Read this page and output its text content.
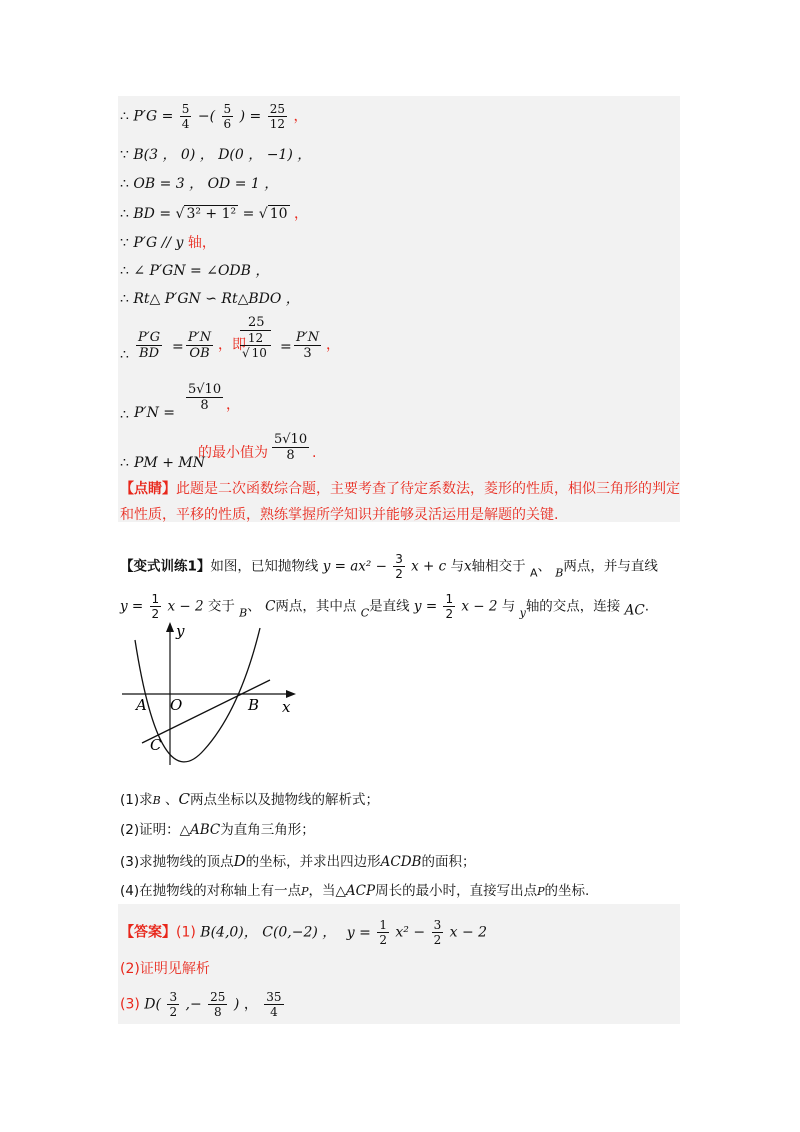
∴ $P'G = \frac{5}{4}$ −( $\frac{5}{6}$ ) = $\frac{25}{12}$ ，
∵ B(3 ， 0) ， D(0 ， −1) ，
∴ OB = 3 ， OD = 1 ，
∴ BD = √ 3² + 1² = √ 10 ，
∵ P′G // y 轴，
∴ ∠ P′GN = ∠ODB ，
∴ Rt△ P′GN ∽ Rt△BDO ，
∴ $\frac{P'G}{BD} = \frac{P'N}{OB}$ ，即
25
$\frac{12}{√ 10} = \frac{P'N}{3}$ ，
∴ $P'N = \frac{5√10}{8}$ ，
∴ PM + MN
的最小值为 $\frac{5√10}{8}$ .
【点睛】此题是二次函数综合题，主要考查了待定系数法，菱形的性质，相似三角形的判定和性质，平移的性质，熟练掌握所学知识并能够灵活运用是解题的关键.
【变式训练1】如图，已知抛物线 $y = ax^2 - \frac{3}{2}$ x + c 与x轴相交于 $_A$、 $_B$两点，并与直线
$y = \frac{1}{2}$ x − 2 交于 $_B$、 C两点，其中点 $_C$是直线 $y = \frac{1}{2}$ x − 2 与 $_y$轴的交点，连接 AC.
y
x
A O	B
C
(1)求B 、C两点坐标以及抛物线的解析式；
(2)证明：△ABC为直角三角形；
(3)求抛物线的顶点D的坐标，并求出四边形ACDB的面积；
(4)在抛物线的对称轴上有一点P，当△ACP周长的最小时，直接写出点P的坐标.
【答案】(1) B(4,0)， C(0,−2) ， $y = \frac{1}{2} x^2 - \frac{3}{2}$ x − 2
(2)证明见解析
(3) $D( \frac{3}{2}$ ,− $\frac{25}{8}$ ) ， $\frac{35}{4}$
